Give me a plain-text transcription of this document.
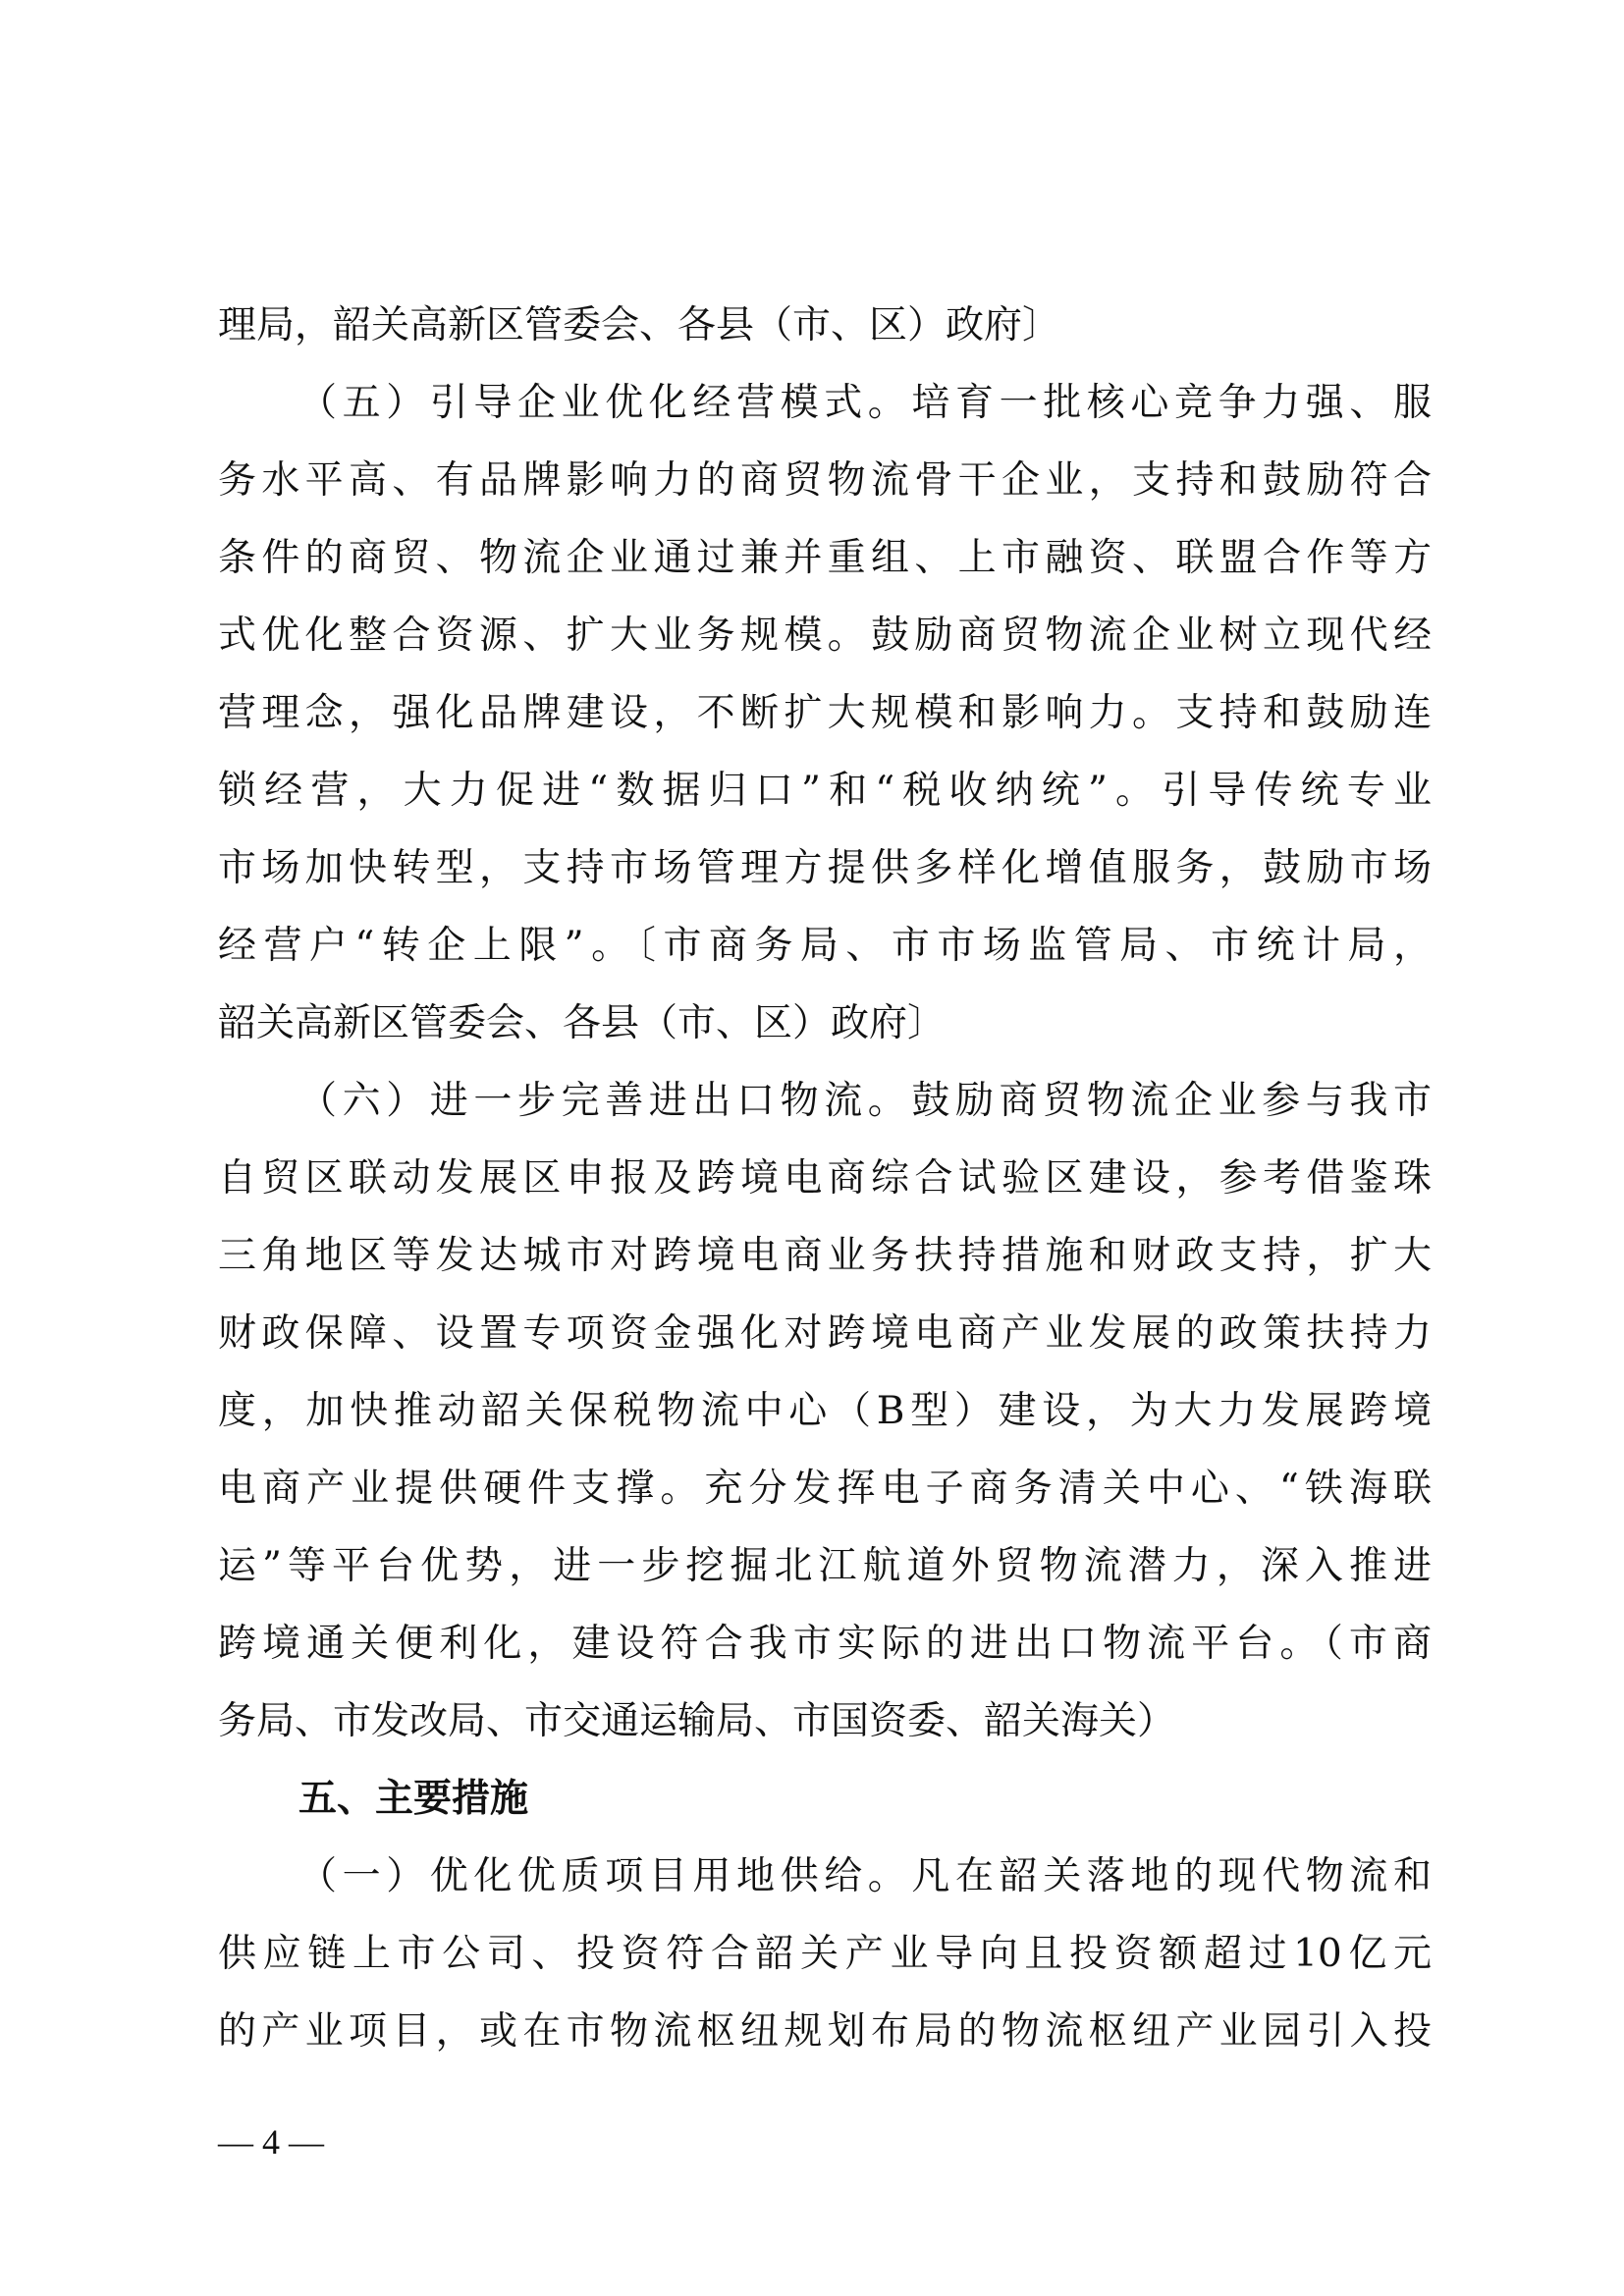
理局，韶关高新区管委会、各县（市、区）政府〕
（五）引导企业优化经营模式。培育一批核心竞争力强、服
务水平高、有品牌影响力的商贸物流骨干企业，支持和鼓励符合
条件的商贸、物流企业通过兼并重组、上市融资、联盟合作等方
式优化整合资源、扩大业务规模。鼓励商贸物流企业树立现代经
营理念，强化品牌建设，不断扩大规模和影响力。支持和鼓励连
锁经营，大力促进“数据归口”和“税收纳统”。引导传统专业
市场加快转型，支持市场管理方提供多样化增值服务，鼓励市场
经营户“转企上限”。〔市商务局、市市场监管局、市统计局，
韶关高新区管委会、各县（市、区）政府〕
（六）进一步完善进出口物流。鼓励商贸物流企业参与我市
自贸区联动发展区申报及跨境电商综合试验区建设，参考借鉴珠
三角地区等发达城市对跨境电商业务扶持措施和财政支持，扩大
财政保障、设置专项资金强化对跨境电商产业发展的政策扶持力
度，加快推动韶关保税物流中心（B型）建设，为大力发展跨境
电商产业提供硬件支撑。充分发挥电子商务清关中心、“铁海联
运”等平台优势，进一步挖掘北江航道外贸物流潜力，深入推进
跨境通关便利化，建设符合我市实际的进出口物流平台。（市商
务局、市发改局、市交通运输局、市国资委、韶关海关）
五、主要措施
（一）优化优质项目用地供给。凡在韶关落地的现代物流和
供应链上市公司、投资符合韶关产业导向且投资额超过10亿元
的产业项目，或在市物流枢纽规划布局的物流枢纽产业园引入投
— 4 —
